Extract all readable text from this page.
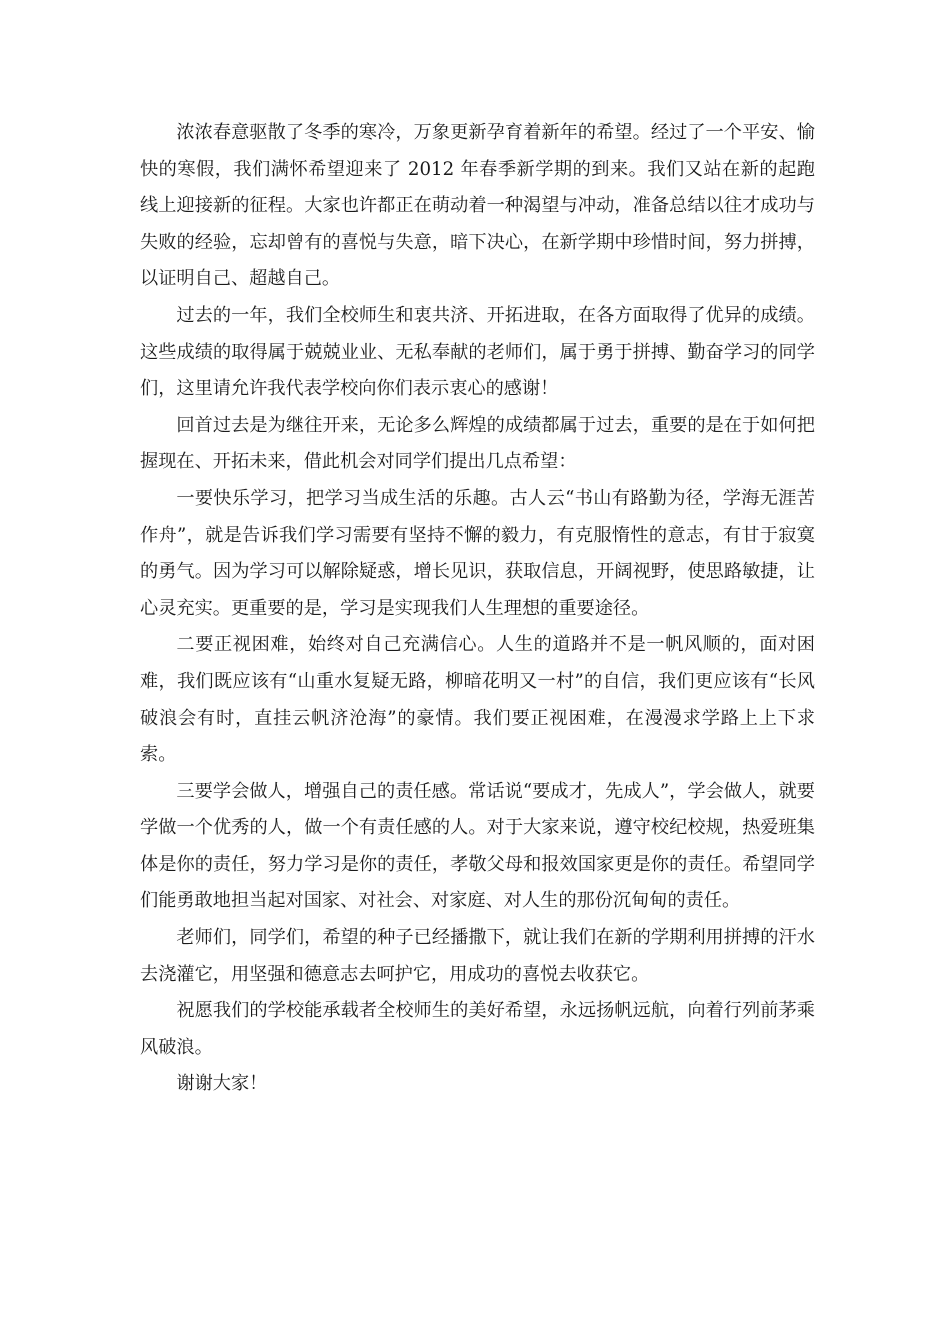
浓浓春意驱散了冬季的寒冷，万象更新孕育着新年的希望。经过了一个平安、愉快的寒假，我们满怀希望迎来了 2012 年春季新学期的到来。我们又站在新的起跑线上迎接新的征程。大家也许都正在萌动着一种渴望与冲动，准备总结以往才成功与失败的经验，忘却曾有的喜悦与失意，暗下决心，在新学期中珍惜时间，努力拼搏，以证明自己、超越自己。

过去的一年，我们全校师生和衷共济、开拓进取，在各方面取得了优异的成绩。这些成绩的取得属于兢兢业业、无私奉献的老师们，属于勇于拼搏、勤奋学习的同学们，这里请允许我代表学校向你们表示衷心的感谢！

回首过去是为继往开来，无论多么辉煌的成绩都属于过去，重要的是在于如何把握现在、开拓未来，借此机会对同学们提出几点希望：

一要快乐学习，把学习当成生活的乐趣。古人云“书山有路勤为径，学海无涯苦作舟”，就是告诉我们学习需要有坚持不懈的毅力，有克服惰性的意志，有甘于寂寞的勇气。因为学习可以解除疑惑，增长见识，获取信息，开阔视野，使思路敏捷，让心灵充实。更重要的是，学习是实现我们人生理想的重要途径。

二要正视困难，始终对自己充满信心。人生的道路并不是一帆风顺的，面对困难，我们既应该有“山重水复疑无路，柳暗花明又一村”的自信，我们更应该有“长风破浪会有时，直挂云帆济沧海”的豪情。我们要正视困难，在漫漫求学路上上下求索。

三要学会做人，增强自己的责任感。常话说“要成才，先成人”，学会做人，就要学做一个优秀的人，做一个有责任感的人。对于大家来说，遵守校纪校规，热爱班集体是你的责任，努力学习是你的责任，孝敬父母和报效国家更是你的责任。希望同学们能勇敢地担当起对国家、对社会、对家庭、对人生的那份沉甸甸的责任。

老师们，同学们，希望的种子已经播撒下，就让我们在新的学期利用拼搏的汗水去浇灌它，用坚强和德意志去呵护它，用成功的喜悦去收获它。

祝愿我们的学校能承载者全校师生的美好希望，永远扬帆远航，向着行列前茅乘风破浪。

谢谢大家！
